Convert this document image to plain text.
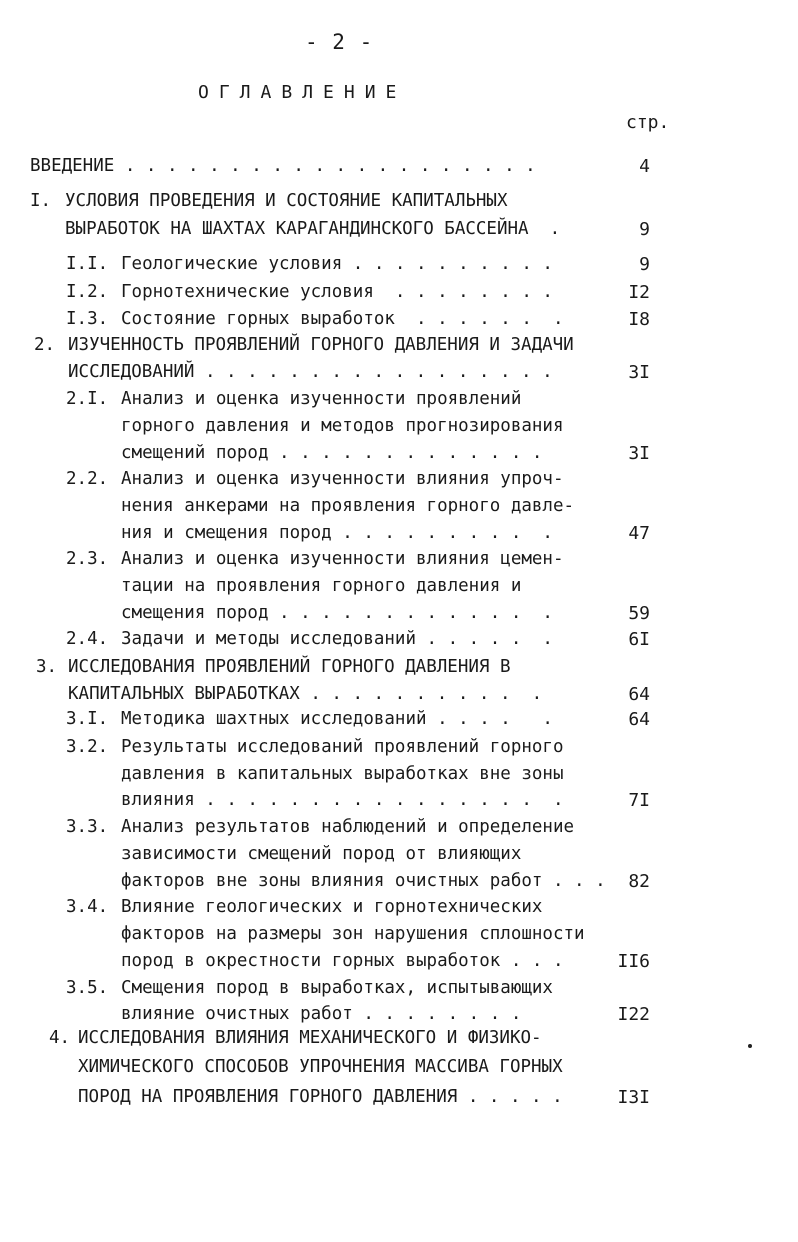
- 2 -
ОГЛАВЛЕНИЕ
стр.
ВВЕДЕНИЕ . . . . . . . . . . . . . . . . . . . .	4
I. УСЛОВИЯ ПРОВЕДЕНИЯ И СОСТОЯНИЕ КАПИТАЛЬНЫХ
ВЫРАБОТОК НА ШАХТАХ КАРАГАНДИНСКОГО БАССЕЙНА  .	9
I.I. Геологические условия . . . . . . . . . .	9
I.2. Горнотехнические условия  . . . . . . . .	I2
I.3. Состояние горных выработок  . . . . . .  .	I8
2. ИЗУЧЕННОСТЬ ПРОЯВЛЕНИЙ ГОРНОГО ДАВЛЕНИЯ И ЗАДАЧИ
ИССЛЕДОВАНИЙ . . . . . . . . . . . . . . . . .	3I
2.I. Анализ и оценка изученности проявлений
горного давления и методов прогнозирования
смещений пород . . . . . . . . . . . . .	3I
2.2. Анализ и оценка изученности влияния упроч-
нения анкерами на проявления горного давле-
ния и смещения пород . . . . . . . . .  .	47
2.3. Анализ и оценка изученности влияния цемен-
тации на проявления горного давления и
смещения пород . . . . . . . . . . . .  .	59
2.4. Задачи и методы исследований . . . . .  .	6I
3. ИССЛЕДОВАНИЯ ПРОЯВЛЕНИЙ ГОРНОГО ДАВЛЕНИЯ В
КАПИТАЛЬНЫХ ВЫРАБОТКАХ . . . . . . . . . .  .	64
3.I. Методика шахтных исследований . . . .   .	64
3.2. Результаты исследований проявлений горного
давления в капитальных выработках вне зоны
влияния . . . . . . . . . . . . . . . .  .	7I
3.3. Анализ результатов наблюдений и определение
зависимости смещений пород от влияющих
факторов вне зоны влияния очистных работ . . .	82
3.4. Влияние геологических и горнотехнических
факторов на размеры зон нарушения сплошности
пород в окрестности горных выработок . . .	II6
3.5. Смещения пород в выработках, испытывающих
влияние очистных работ . . . . . . . .	I22
4. ИССЛЕДОВАНИЯ ВЛИЯНИЯ МЕХАНИЧЕСКОГО И ФИЗИКО-
ХИМИЧЕСКОГО СПОСОБОВ УПРОЧНЕНИЯ МАССИВА ГОРНЫХ
ПОРОД НА ПРОЯВЛЕНИЯ ГОРНОГО ДАВЛЕНИЯ . . . . .	I3I
